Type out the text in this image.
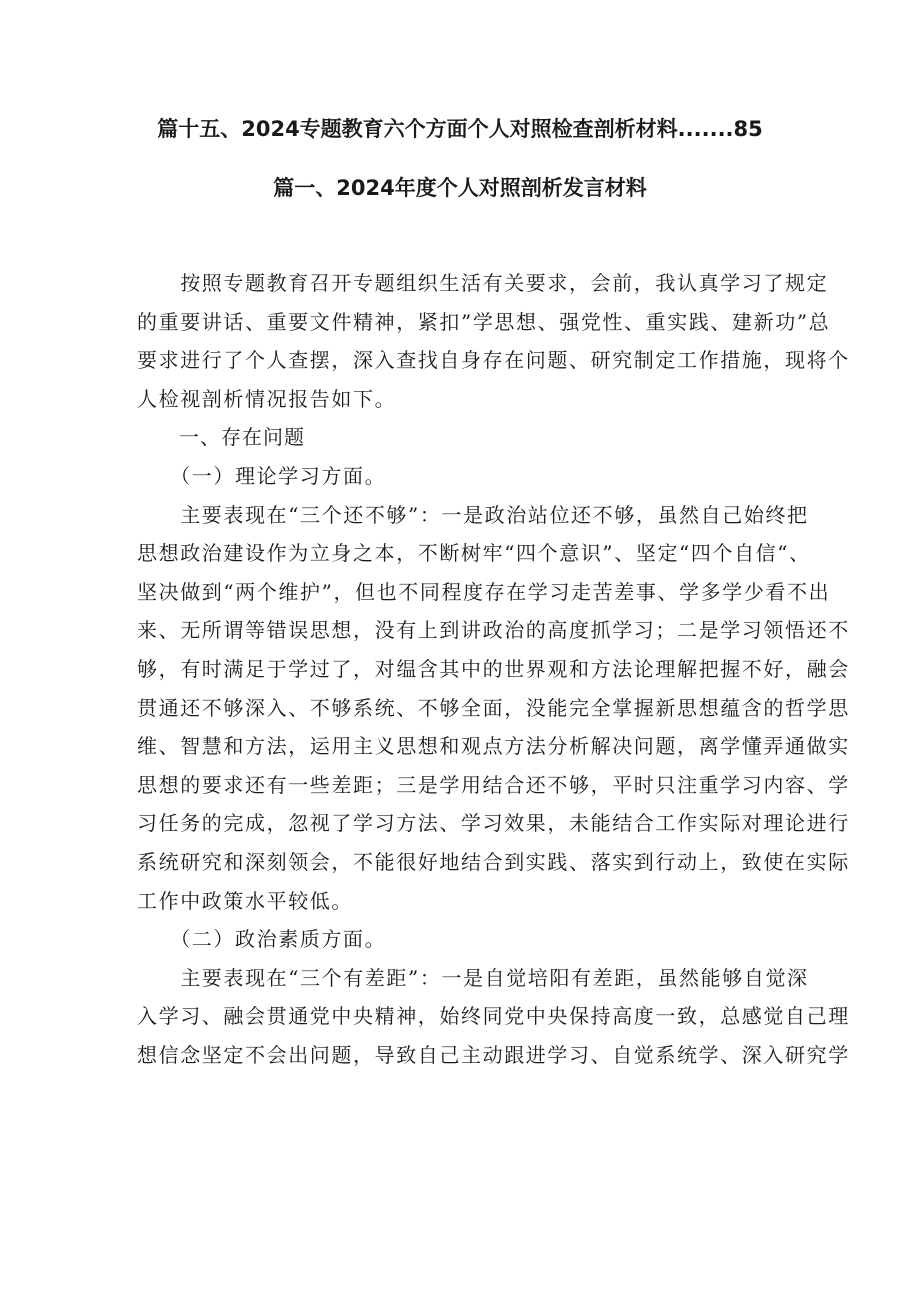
篇十五、2024专题教育六个方面个人对照检查剖析材料.......85
篇一、2024年度个人对照剖析发言材料
　　按照专题教育召开专题组织生活有关要求，会前，我认真学习了规定
的重要讲话、重要文件精神，紧扣”学思想、强党性、重实践、建新功”总
要求进行了个人查摆，深入查找自身存在问题、研究制定工作措施，现将个
人检视剖析情况报告如下。
　　一、存在问题
　　（一）理论学习方面。
　　主要表现在“三个还不够”：一是政治站位还不够，虽然自己始终把
思想政治建设作为立身之本，不断树牢“四个意识”、坚定“四个自信“、
坚决做到“两个维护”，但也不同程度存在学习走苦差事、学多学少看不出
来、无所谓等错误思想，没有上到讲政治的高度抓学习；二是学习领悟还不
够，有时满足于学过了，对缊含其中的世界观和方法论理解把握不好，融会
贯通还不够深入、不够系统、不够全面，没能完全掌握新思想蕴含的哲学思
维、智慧和方法，运用主义思想和观点方法分析解决问题，离学懂弄通做实
思想的要求还有一些差距；三是学用结合还不够，平时只注重学习内容、学
习任务的完成，忽视了学习方法、学习效果，未能结合工作实际对理论进行
系统研究和深刻领会，不能很好地结合到实践、落实到行动上，致使在实际
工作中政策水平较低。
　　（二）政治素质方面。
　　主要表现在“三个有差距”：一是自觉培阳有差距，虽然能够自觉深
入学习、融会贯通党中央精神，始终同党中央保持高度一致，总感觉自己理
想信念坚定不会出问题，导致自己主动跟进学习、自觉系统学、深入研究学
